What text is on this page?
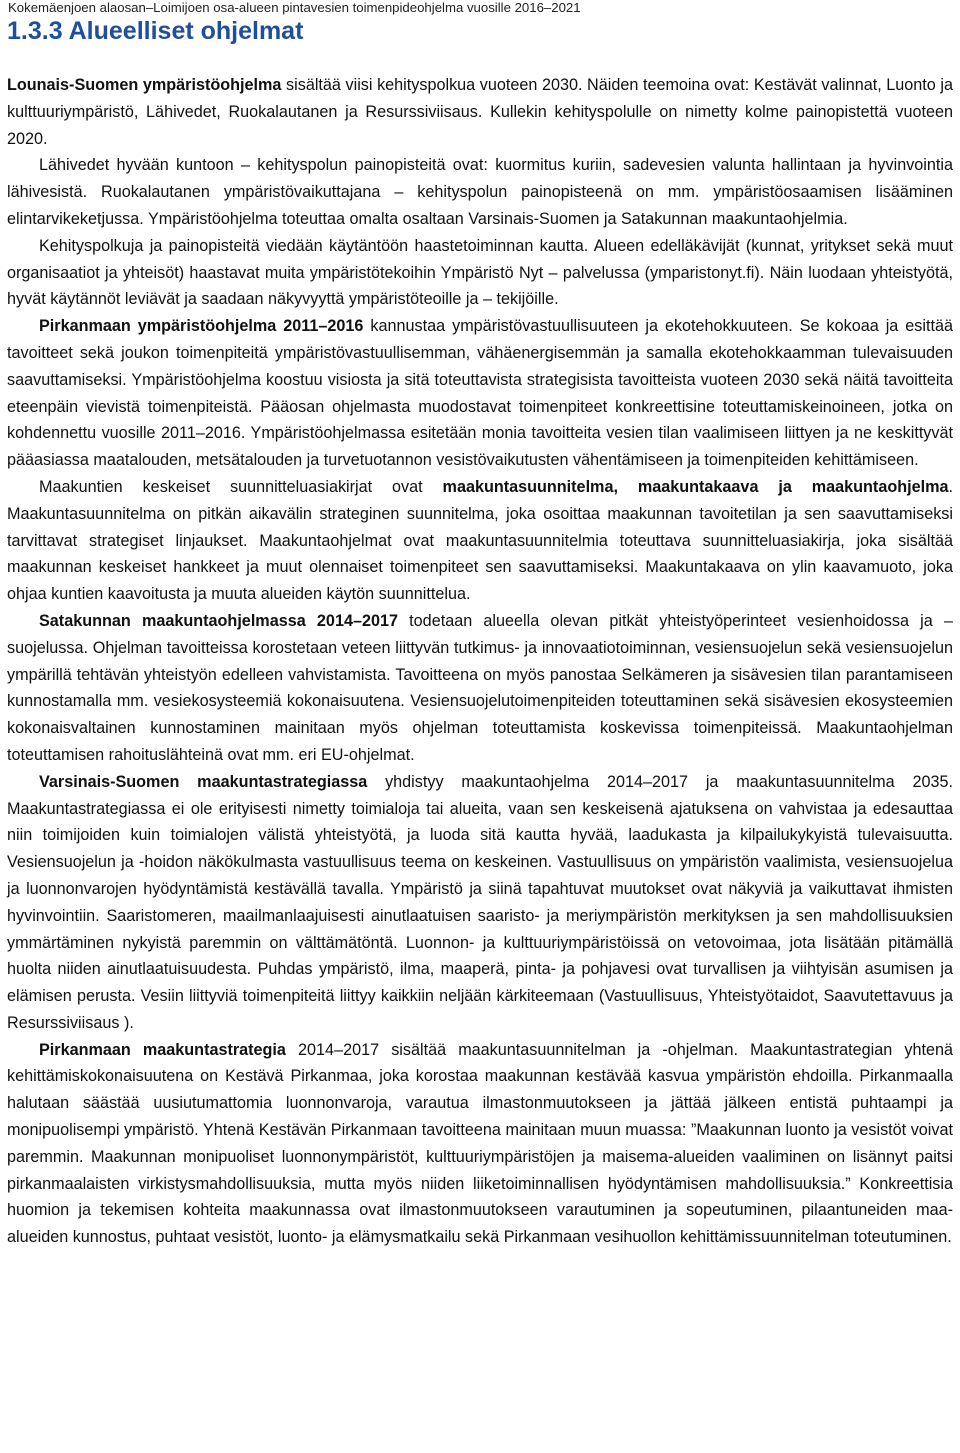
Kokemäenjoen alaosan–Loimijoen osa-alueen pintavesien toimenpideohjelma vuosille 2016–2021
1.3.3 Alueelliset ohjelmat

Lounais-Suomen ympäristöohjelma sisältää viisi kehityspolkua vuoteen 2030. Näiden teemoina ovat: Kestävät valinnat, Luonto ja kulttuuriympäristö, Lähivedet, Ruokalautanen ja Resurssiviisaus. Kullekin kehityspolulle on nimetty kolme painopistettä vuoteen 2020.

Lähivedet hyvään kuntoon – kehityspolun painopisteitä ovat: kuormitus kuriin, sadevesien valunta hallintaan ja hyvinvointia lähivesistä. Ruokalautanen ympäristövaikuttajana – kehityspolun painopisteenä on mm. ympäristöosaamisen lisääminen elintarvikeketjussa. Ympäristöohjelma toteuttaa omalta osaltaan Varsinais-Suomen ja Satakunnan maakuntaohjelmia.

Kehityspolkuja ja painopisteitä viedään käytäntöön haastetoiminnan kautta. Alueen edelläkävijät (kunnat, yritykset sekä muut organisaatiot ja yhteisöt) haastavat muita ympäristötekoihin Ympäristö Nyt – palvelussa (ymparistonyt.fi). Näin luodaan yhteistyötä, hyvät käytännöt leviävät ja saadaan näkyvyyttä ympäristöteoille ja – tekijöille.

Pirkanmaan ympäristöohjelma 2011–2016 kannustaa ympäristövastuullisuuteen ja ekotehokkuuteen. Se kokoaa ja esittää tavoitteet sekä joukon toimenpiteitä ympäristövastuullisemman, vähäenergisemmän ja samalla ekotehokkaamman tulevaisuuden saavuttamiseksi. Ympäristöohjelma koostuu visiosta ja sitä toteuttavista strategisista tavoitteista vuoteen 2030 sekä näitä tavoitteita eteenpäin vievistä toimenpiteistä. Pääosan ohjelmasta muodostavat toimenpiteet konkreettisine toteuttamiskeinoineen, jotka on kohdennettu vuosille 2011–2016. Ympäristöohjelmassa esitetään monia tavoitteita vesien tilan vaalimiseen liittyen ja ne keskittyvät pääasiassa maatalouden, metsätalouden ja turvetuotannon vesistövaikutusten vähentämiseen ja toimenpiteiden kehittämiseen.

Maakuntien keskeiset suunnitteluasiakirjat ovat maakuntasuunnitelma, maakuntakaava ja maakuntaohjelma. Maakuntasuunnitelma on pitkän aikavälin strateginen suunnitelma, joka osoittaa maakunnan tavoitetilan ja sen saavuttamiseksi tarvittavat strategiset linjaukset. Maakuntaohjelmat ovat maakuntasuunnitelmia toteuttava suunnitteluasiakirja, joka sisältää maakunnan keskeiset hankkeet ja muut olennaiset toimenpiteet sen saavuttamiseksi. Maakuntakaava on ylin kaavamuoto, joka ohjaa kuntien kaavoitusta ja muuta alueiden käytön suunnittelua.

Satakunnan maakuntaohjelmassa 2014–2017 todetaan alueella olevan pitkät yhteistyöperinteet vesienhoidossa ja – suojelussa. Ohjelman tavoitteissa korostetaan veteen liittyvän tutkimus- ja innovaatiotoiminnan, vesiensuojelun sekä vesiensuojelun ympärillä tehtävän yhteistyön edelleen vahvistamista. Tavoitteena on myös panostaa Selkämeren ja sisävesien tilan parantamiseen kunnostamalla mm. vesiekosysteemiä kokonaisuutena. Vesiensuojelutoimenpiteiden toteuttaminen sekä sisävesien ekosysteemien kokonaisvaltainen kunnostaminen mainitaan myös ohjelman toteuttamista koskevissa toimenpiteissä. Maakuntaohjelman toteuttamisen rahoituslähteinä ovat mm. eri EU-ohjelmat.

Varsinais-Suomen maakuntastrategiassa yhdistyy maakuntaohjelma 2014–2017 ja maakuntasuunnitelma 2035. Maakuntastrategiassa ei ole erityisesti nimetty toimialoja tai alueita, vaan sen keskeisenä ajatuksena on vahvistaa ja edesauttaa niin toimijoiden kuin toimialojen välistä yhteistyötä, ja luoda sitä kautta hyvää, laadukasta ja kilpailukykyistä tulevaisuutta. Vesiensuojelun ja -hoidon näkökulmasta vastuullisuus teema on keskeinen. Vastuullisuus on ympäristön vaalimista, vesiensuojelua ja luonnonvarojen hyödyntämistä kestävällä tavalla. Ympäristö ja siinä tapahtuvat muutokset ovat näkyviä ja vaikuttavat ihmisten hyvinvointiin. Saaristomeren, maailmanlaajuisesti ainutlaatuisen saaristo- ja meriympäristön merkityksen ja sen mahdollisuuksien ymmärtäminen nykyistä paremmin on välttämätöntä. Luonnon- ja kulttuuriympäristöissä on vetovoimaa, jota lisätään pitämällä huolta niiden ainutlaatuisuudesta. Puhdas ympäristö, ilma, maaperä, pinta- ja pohjavesi ovat turvallisen ja viihtyisän asumisen ja elämisen perusta. Vesiin liittyviä toimenpiteitä liittyy kaikkiin neljään kärkiteemaan (Vastuullisuus, Yhteistyötaidot, Saavutettavuus ja Resurssiviisaus ).

Pirkanmaan maakuntastrategia 2014–2017 sisältää maakuntasuunnitelman ja -ohjelman. Maakuntastrategian yhtenä kehittämiskokonaisuutena on Kestävä Pirkanmaa, joka korostaa maakunnan kestävää kasvua ympäristön ehdoilla. Pirkanmaalla halutaan säästää uusiutumattomia luonnonvaroja, varautua ilmastonmuutokseen ja jättää jälkeen entistä puhtaampi ja monipuolisempi ympäristö. Yhtenä Kestävän Pirkanmaan tavoitteena mainitaan muun muassa: ”Maakunnan luonto ja vesistöt voivat paremmin. Maakunnan monipuoliset luonnonympäristöt, kulttuuriympäristöjen ja maisema-alueiden vaaliminen on lisännyt paitsi pirkanmaalaisten virkistysmahdollisuuksia, mutta myös niiden liiketoiminnallisen hyödyntämisen mahdollisuuksia.” Konkreettisia huomion ja tekemisen kohteita maakunnassa ovat ilmastonmuutokseen varautuminen ja sopeutuminen, pilaantuneiden maa-alueiden kunnostus, puhtaat vesistöt, luonto- ja elämysmatkailu sekä Pirkanmaan vesihuollon kehittämissuunnitelman toteutuminen.
